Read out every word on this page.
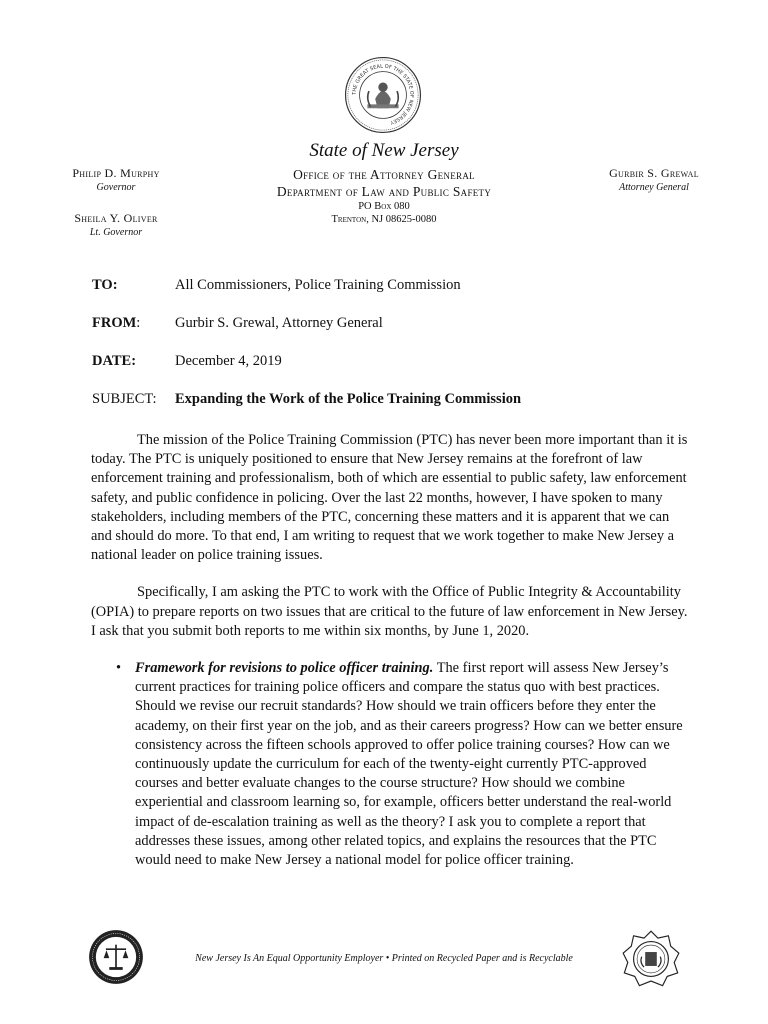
THE GREAT SEAL OF THE STATE OF NEW JERSEY
State of New Jersey
Office of the Attorney General
Department of Law and Public Safety
PO Box 080
Trenton, NJ 08625-0080
Philip D. Murphy
Governor
Sheila Y. Oliver
Lt. Governor
Gurbir S. Grewal
Attorney General
TO:	All Commissioners, Police Training Commission
FROM: Gurbir S. Grewal, Attorney General
DATE:	December 4, 2019
SUBJECT: Expanding the Work of the Police Training Commission

The mission of the Police Training Commission (PTC) has never been more important than it is today. The PTC is uniquely positioned to ensure that New Jersey remains at the forefront of law enforcement training and professionalism, both of which are essential to public safety, law enforcement safety, and public confidence in policing. Over the last 22 months, however, I have spoken to many stakeholders, including members of the PTC, concerning these matters and it is apparent that we can and should do more. To that end, I am writing to request that we work together to make New Jersey a national leader on police training issues.

Specifically, I am asking the PTC to work with the Office of Public Integrity & Accountability (OPIA) to prepare reports on two issues that are critical to the future of law enforcement in New Jersey. I ask that you submit both reports to me within six months, by June 1, 2020.

• Framework for revisions to police officer training. The first report will assess New Jersey’s current practices for training police officers and compare the status quo with best practices. Should we revise our recruit standards? How should we train officers before they enter the academy, on their first year on the job, and as their careers progress? How can we better ensure consistency across the fifteen schools approved to offer police training courses? How can we continuously update the curriculum for each of the twenty-eight currently PTC-approved courses and better evaluate changes to the course structure? How should we combine experiential and classroom learning so, for example, officers better understand the real-world impact of de-escalation training as well as the theory? I ask you to complete a report that addresses these issues, among other related topics, and explains the resources that the PTC would need to make New Jersey a national model for police officer training.

New Jersey Is An Equal Opportunity Employer • Printed on Recycled Paper and is Recyclable
